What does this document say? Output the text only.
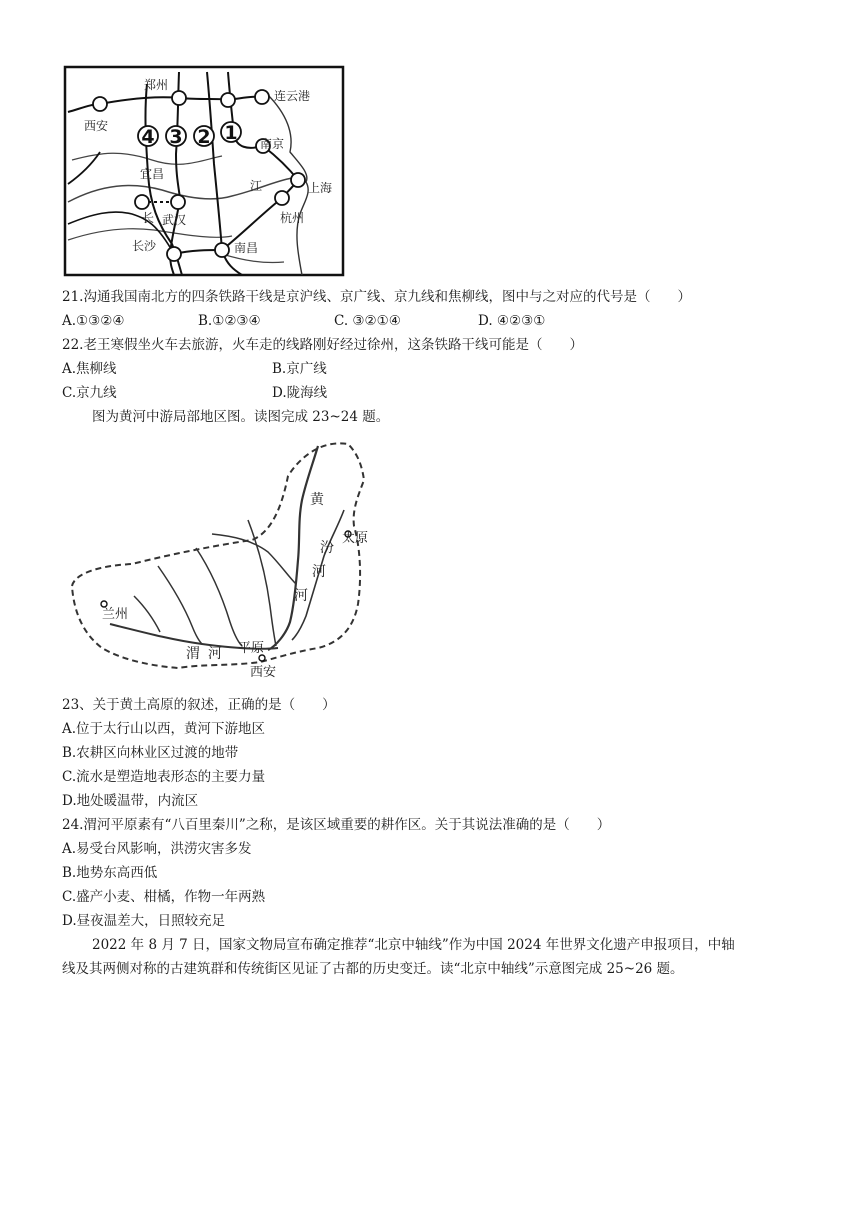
4 3 2 1
郑州
连云港
西安
南京
宜昌
江	上海
长 武汉	杭州
长沙	南昌
21.沟通我国南北方的四条铁路干线是京沪线、京广线、京九线和焦柳线，图中与之对应的代号是（　　）
A.①③②④	B.①②③④	C. ③②①④	D. ④②③①
22.老王寒假坐火车去旅游，火车走的线路刚好经过徐州，这条铁路干线可能是（　　）
A.焦柳线	B.京广线
C.京九线	D.陇海线
图为黄河中游局部地区图。读图完成 23~24 题。
黄
太原
汾
河
河
兰州
渭 河 平原
西安
23、关于黄土高原的叙述，正确的是（　　）
A.位于太行山以西，黄河下游地区
B.农耕区向林业区过渡的地带
C.流水是塑造地表形态的主要力量
D.地处暖温带，内流区
24.渭河平原素有“八百里秦川”之称，是该区域重要的耕作区。关于其说法准确的是（　　）
A.易受台风影响，洪涝灾害多发
B.地势东高西低
C.盛产小麦、柑橘，作物一年两熟
D.昼夜温差大，日照较充足
2022 年 8 月 7 日，国家文物局宣布确定推荐“北京中轴线”作为中国 2024 年世界文化遗产申报项目，中轴
线及其两侧对称的古建筑群和传统街区见证了古都的历史变迁。读“北京中轴线”示意图完成 25~26 题。
